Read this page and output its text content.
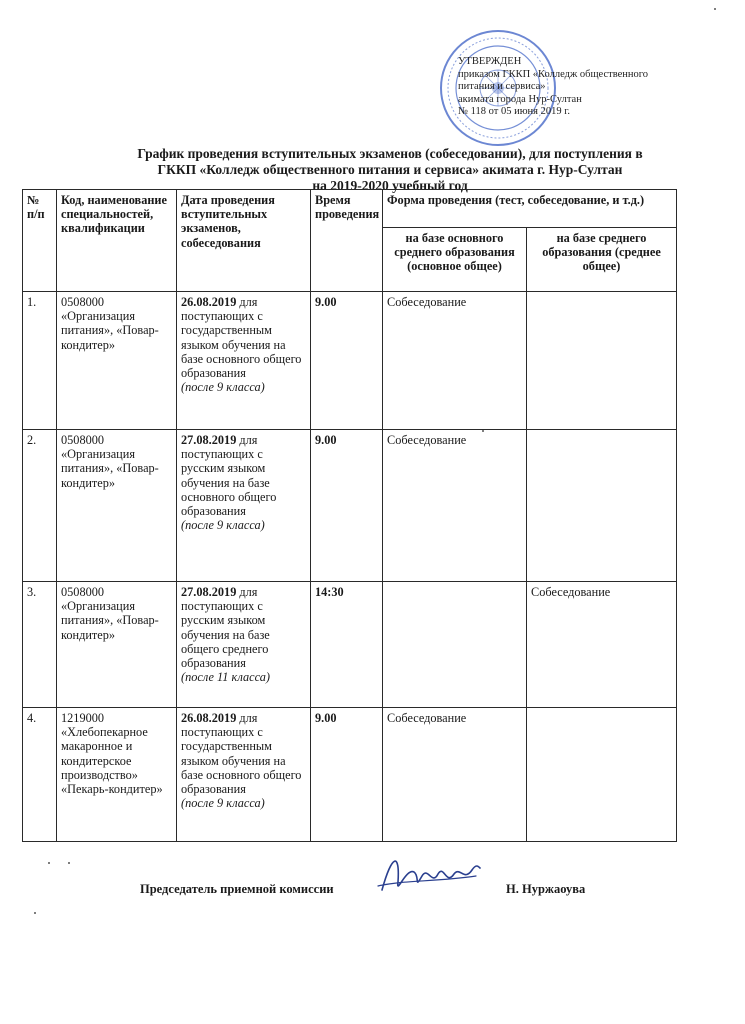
УТВЕРЖДЕН
приказом ГККП «Колледж общественного
питания и сервиса»
акимата города Нур-Султан
№ 118 от 05 июня 2019 г.
График проведения вступительных экзаменов (собеседовании), для поступления в
ГККП «Колледж общественного питания и сервиса» акимата г. Нур-Султан
на 2019-2020 учебный год
№ п/п	Код, наименование специальностей, квалификации	Дата проведения вступительных экзаменов, собеседования	Время проведения	Форма проведения (тест, собеседование, и т.д.)	
				на базе основного среднего образования (основное общее)	на базе среднего образования (среднее общее)
1.	0508000 «Организация питания», «Повар-кондитер»	26.08.2019 для поступающих с государственным языком обучения на базе основного общего образования
(после 9 класса)	9.00	Собеседование	
2.	0508000 «Организация питания», «Повар-кондитер»	27.08.2019 для поступающих с русским языком обучения на базе основного общего образования
(после 9 класса)	9.00	Собеседование	
3.	0508000 «Организация питания», «Повар-кондитер»	27.08.2019 для поступающих с русским языком обучения на базе общего среднего образования
(после 11 класса)	14:30		Собеседование
4.	1219000 «Хлебопекарное макаронное и кондитерское производство» «Пекарь-кондитер»	26.08.2019 для поступающих с государственным языком обучения на базе основного общего образования
(после 9 класса)	9.00	Собеседование	
Председатель приемной комиссии	Н. Нуржаоува
